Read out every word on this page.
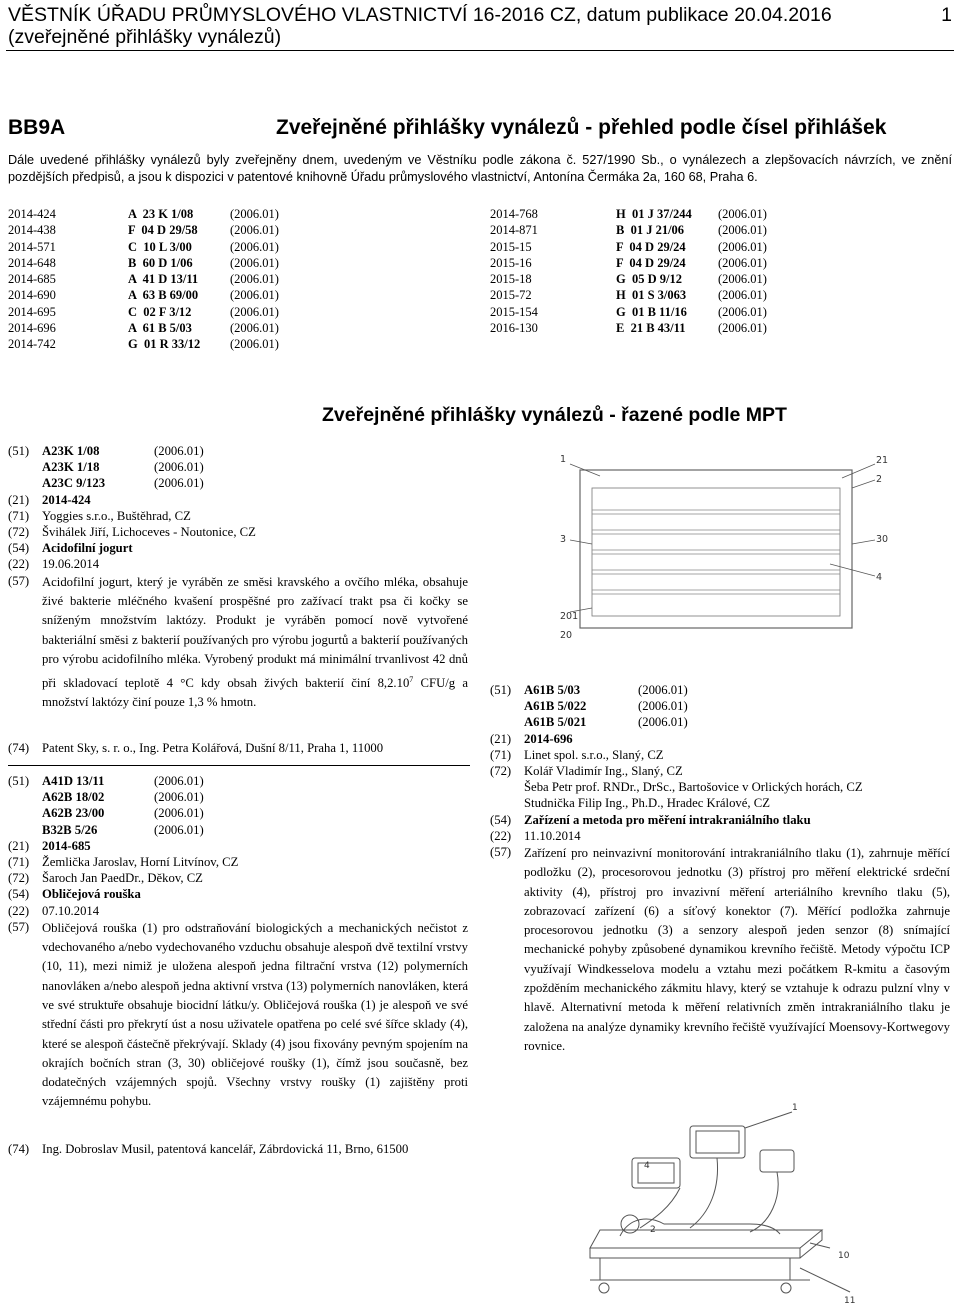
VĚSTNÍK ÚŘADU PRŮMYSLOVÉHO VLASTNICTVÍ 16-2016 CZ, datum publikace 20.04.2016
(zveřejněné přihlášky vynálezů)
1
BB9A	Zveřejněné přihlášky vynálezů - přehled podle čísel přihlášek
Dále uvedené přihlášky vynálezů byly zveřejněny dnem, uvedeným ve Věstníku podle zákona č. 527/1990 Sb., o vynálezech a zlepšovacích návrzích, ve znění pozdějších předpisů, a jsou k dispozici v patentové knihovně Úřadu průmyslového vlastnictví, Antonína Čermáka 2a, 160 68, Praha 6.
2014-424	A  23 K 1/08	(2006.01)
2014-438	F  04 D 29/58	(2006.01)
2014-571	C  10 L 3/00	(2006.01)
2014-648	B  60 D 1/06	(2006.01)
2014-685	A  41 D 13/11	(2006.01)
2014-690	A  63 B 69/00	(2006.01)
2014-695	C  02 F 3/12	(2006.01)
2014-696	A  61 B 5/03	(2006.01)
2014-742	G  01 R 33/12 (2006.01)
2014-768	H  01 J 37/244 (2006.01)
2014-871	B  01 J 21/06	(2006.01)
2015-15	F  04 D 29/24	(2006.01)
2015-16	F  04 D 29/24	(2006.01)
2015-18	G  05 D 9/12	(2006.01)
2015-72	H  01 S 3/063	(2006.01)
2015-154	G  01 B 11/16 (2006.01)
2016-130	E  21 B 43/11	(2006.01)
Zveřejněné přihlášky vynálezů - řazené podle MPT
(51) A23K 1/08	(2006.01)
A23K 1/18	(2006.01)
A23C 9/123	(2006.01)
(21) 2014-424
(71) Yoggies s.r.o., Buštěhrad, CZ
(72) Švihálek Jiří, Lichoceves - Noutonice, CZ
(54) Acidofilní jogurt
(22) 19.06.2014
(57) Acidofilní jogurt, který je vyráběn ze směsi kravského a ovčího mléka, obsahuje živé bakterie mléčného kvašení prospěšné pro zažívací trakt psa či kočky se sníženým množstvím laktózy. Produkt je vyráběn pomocí nově vytvořené bakteriální směsi z bakterií používaných pro výrobu jogurtů a bakterií používaných pro výrobu acidofilního mléka. Vyrobený produkt má minimální trvanlivost 42 dnů při skladovací teplotě 4 °C kdy obsah živých bakterií činí 8,2.10$^7$ CFU/g a množství laktózy činí pouze 1,3 % hmotn.
(74) Patent Sky, s. r. o., Ing. Petra Kolářová, Dušní 8/11, Praha 1, 11000
(51) A41D 13/11	(2006.01)
A62B 18/02	(2006.01)
A62B 23/00	(2006.01)
B32B 5/26	(2006.01)
(21) 2014-685
(71) Žemlička Jaroslav, Horní Litvínov, CZ
(72) Šaroch Jan PaedDr., Děkov, CZ
(54) Obličejová rouška
(22) 07.10.2014
(57) Obličejová rouška (1) pro odstraňování biologických a mechanických nečistot z vdechovaného a/nebo vydechovaného vzduchu obsahuje alespoň dvě textilní vrstvy (10, 11), mezi nimiž je uložena alespoň jedna filtrační vrstva (12) polymerních nanovláken a/nebo alespoň jedna aktivní vrstva (13) polymerních nanovláken, která ve své struktuře obsahuje biocidní látku/y. Obličejová rouška (1) je alespoň ve své střední části pro překrytí úst a nosu uživatele opatřena po celé své šířce sklady (4), které se alespoň částečně překrývají. Sklady (4) jsou fixovány pevným spojením na okrajích bočních stran (3, 30) obličejové roušky (1), čímž jsou současně, bez dodatečných vzájemných spojů. Všechny vrstvy roušky (1) zajištěny proti vzájemnému pohybu.
(74) Ing. Dobroslav Musil, patentová kancelář, Zábrdovická 11, Brno, 61500
1	21
2
3	30
4
201
20
(51) A61B 5/03	(2006.01)
A61B 5/022	(2006.01)
A61B 5/021	(2006.01)
(21) 2014-696
(71) Linet spol. s.r.o., Slaný, CZ
(72) Kolář Vladimír Ing., Slaný, CZ
Šeba Petr prof. RNDr., DrSc., Bartošovice v Orlických horách, CZ
Studnička Filip Ing., Ph.D., Hradec Králové, CZ
(54) Zařízení a metoda pro měření intrakraniálního tlaku
(22) 11.10.2014
(57) Zařízení pro neinvazivní monitorování intrakraniálního tlaku (1), zahrnuje měřící podložku (2), procesorovou jednotku (3) přístroj pro měření elektrické srdeční aktivity (4), přístroj pro invazivní měření arteriálního krevního tlaku (5), zobrazovací zařízení (6) a síťový konektor (7). Měřící podložka zahrnuje procesorovou jednotku (3) a senzory alespoň jeden senzor (8) snímající mechanické pohyby způsobené dynamikou krevního řečiště. Metody výpočtu ICP využívají Windkesselova modelu a vztahu mezi počátkem R-kmitu a časovým zpožděním mechanického zákmitu hlavy, který se vztahuje k odrazu pulzní vlny v hlavě. Alternativní metoda k měření relativních změn intrakraniálního tlaku je založena na analýze dynamiky krevního řečiště využívající Moensovy-Kortwegovy rovnice.
1
2
4
10
11
